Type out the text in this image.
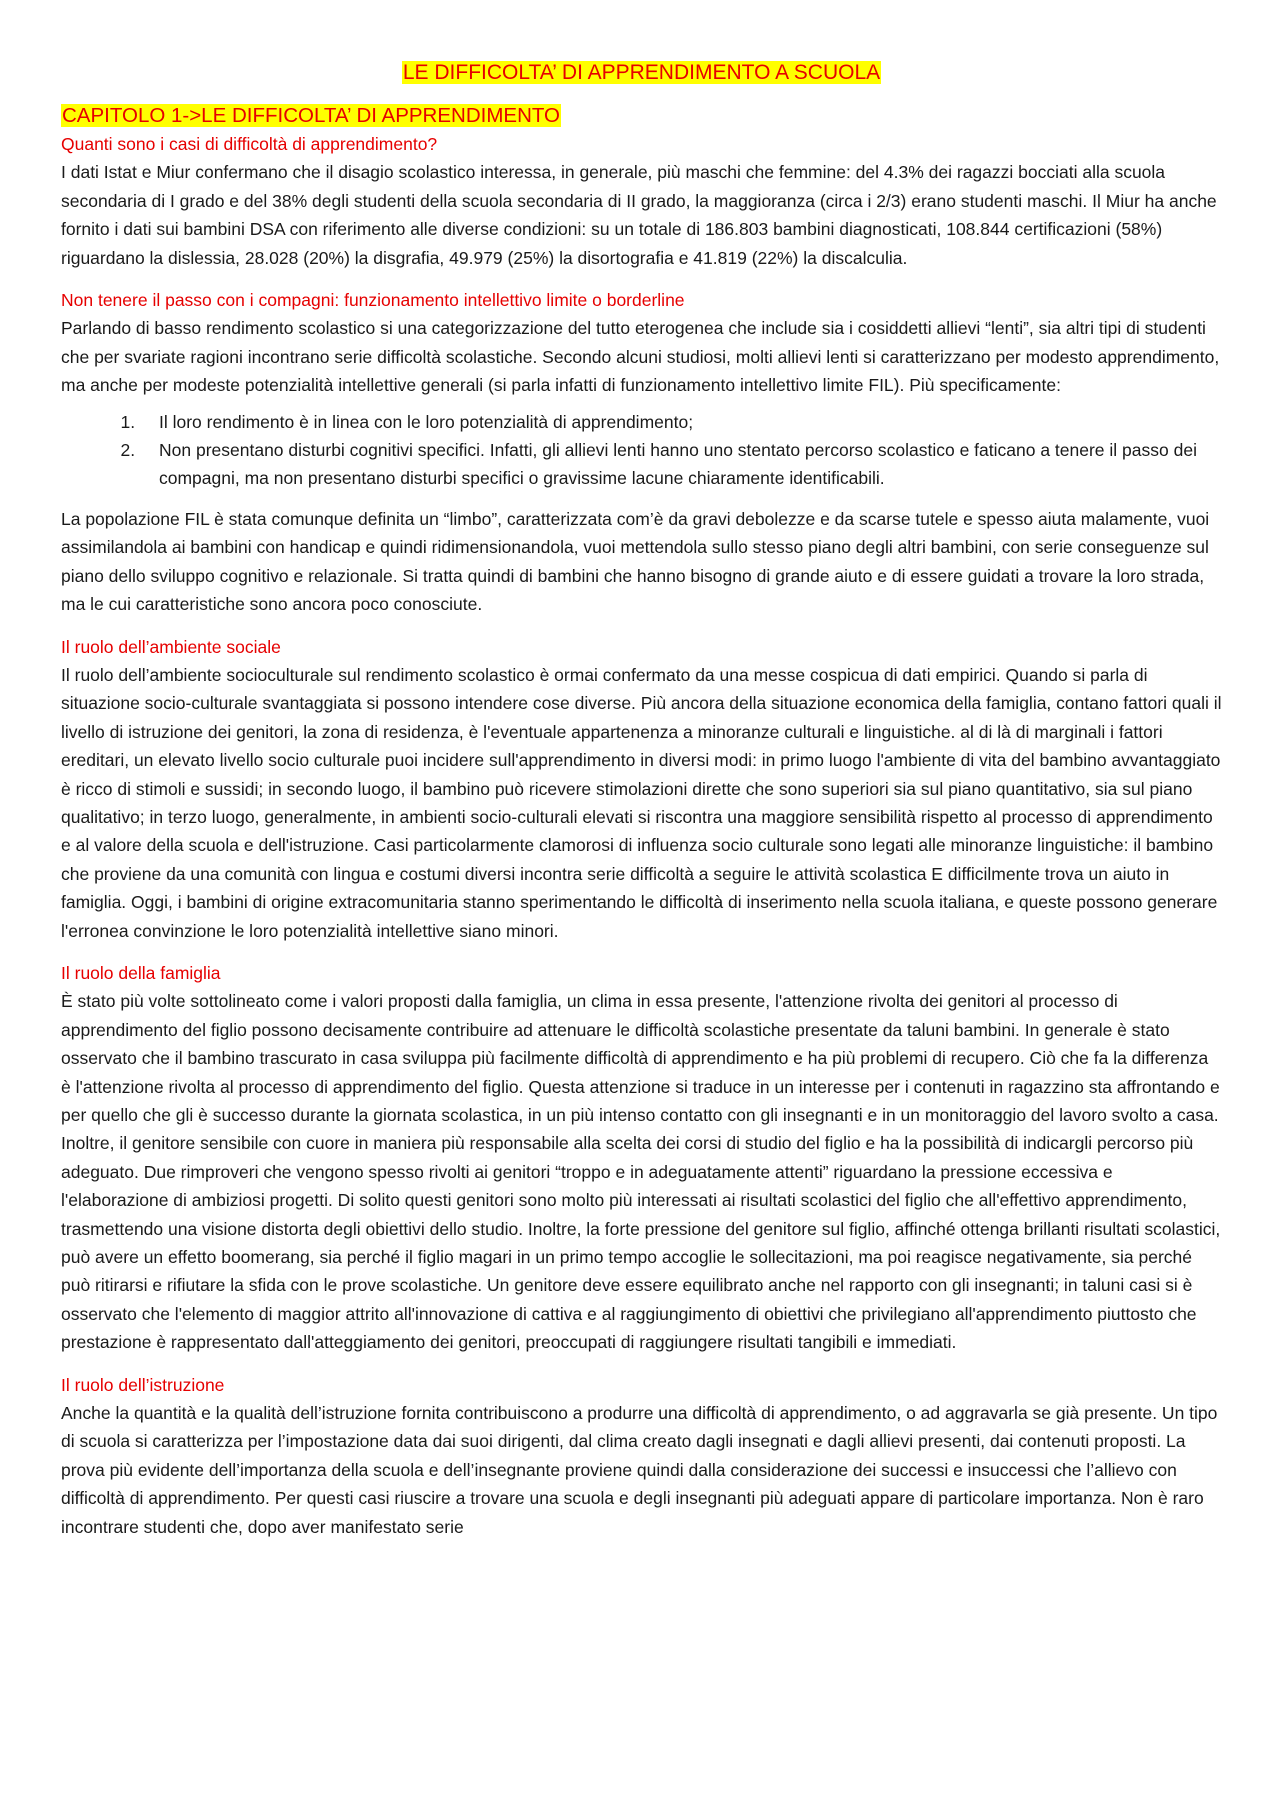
LE DIFFICOLTA’ DI APPRENDIMENTO A SCUOLA
CAPITOLO 1->LE DIFFICOLTA’ DI APPRENDIMENTO
Quanti sono i casi di difficoltà di apprendimento?

I dati Istat e Miur confermano che il disagio scolastico interessa, in generale, più maschi che femmine: del 4.3% dei ragazzi bocciati alla scuola secondaria di I grado e del 38% degli studenti della scuola secondaria di II grado, la maggioranza (circa i 2/3) erano studenti maschi. Il Miur ha anche fornito i dati sui bambini DSA con riferimento alle diverse condizioni: su un totale di 186.803 bambini diagnosticati, 108.844 certificazioni (58%) riguardano la dislessia, 28.028 (20%) la disgrafia, 49.979 (25%) la disortografia e 41.819 (22%) la discalculia.

Non tenere il passo con i compagni: funzionamento intellettivo limite o borderline

Parlando di basso rendimento scolastico si una categorizzazione del tutto eterogenea che include sia i cosiddetti allievi “lenti”, sia altri tipi di studenti che per svariate ragioni incontrano serie difficoltà scolastiche. Secondo alcuni studiosi, molti allievi lenti si caratterizzano per modesto apprendimento, ma anche per modeste potenzialità intellettive generali (si parla infatti di funzionamento intellettivo limite FIL). Più specificamente:

1. Il loro rendimento è in linea con le loro potenzialità di apprendimento;
2. Non presentano disturbi cognitivi specifici. Infatti, gli allievi lenti hanno uno stentato percorso scolastico e faticano a tenere il passo dei compagni, ma non presentano disturbi specifici o gravissime lacune chiaramente identificabili.

La popolazione FIL è stata comunque definita un “limbo”, caratterizzata com’è da gravi debolezze e da scarse tutele e spesso aiuta malamente, vuoi assimilandola ai bambini con handicap e quindi ridimensionandola, vuoi mettendola sullo stesso piano degli altri bambini, con serie conseguenze sul piano dello sviluppo cognitivo e relazionale. Si tratta quindi di bambini che hanno bisogno di grande aiuto e di essere guidati a trovare la loro strada, ma le cui caratteristiche sono ancora poco conosciute.

Il ruolo dell’ambiente sociale

Il ruolo dell’ambiente socioculturale sul rendimento scolastico è ormai confermato da una messe cospicua di dati empirici. Quando si parla di situazione socio-culturale svantaggiata si possono intendere cose diverse. Più ancora della situazione economica della famiglia, contano fattori quali il livello di istruzione dei genitori, la zona di residenza, è l'eventuale appartenenza a minoranze culturali e linguistiche. al di là di marginali i fattori ereditari, un elevato livello socio culturale puoi incidere sull'apprendimento in diversi modi: in primo luogo l'ambiente di vita del bambino avvantaggiato è ricco di stimoli e sussidi; in secondo luogo, il bambino può ricevere stimolazioni dirette che sono superiori sia sul piano quantitativo, sia sul piano qualitativo; in terzo luogo, generalmente, in ambienti socio-culturali elevati si riscontra una maggiore sensibilità rispetto al processo di apprendimento e al valore della scuola e dell'istruzione. Casi particolarmente clamorosi di influenza socio culturale sono legati alle minoranze linguistiche: il bambino che proviene da una comunità con lingua e costumi diversi incontra serie difficoltà a seguire le attività scolastica E difficilmente trova un aiuto in famiglia. Oggi, i bambini di origine extracomunitaria stanno sperimentando le difficoltà di inserimento nella scuola italiana, e queste possono generare l'erronea convinzione le loro potenzialità intellettive siano minori.

Il ruolo della famiglia

È stato più volte sottolineato come i valori proposti dalla famiglia, un clima in essa presente, l'attenzione rivolta dei genitori al processo di apprendimento del figlio possono decisamente contribuire ad attenuare le difficoltà scolastiche presentate da taluni bambini. In generale è stato osservato che il bambino trascurato in casa sviluppa più facilmente difficoltà di apprendimento e ha più problemi di recupero. Ciò che fa la differenza è l'attenzione rivolta al processo di apprendimento del figlio. Questa attenzione si traduce in un interesse per i contenuti in ragazzino sta affrontando e per quello che gli è successo durante la giornata scolastica, in un più intenso contatto con gli insegnanti e in un monitoraggio del lavoro svolto a casa. Inoltre, il genitore sensibile con cuore in maniera più responsabile alla scelta dei corsi di studio del figlio e ha la possibilità di indicargli percorso più adeguato. Due rimproveri che vengono spesso rivolti ai genitori “troppo e in adeguatamente attenti” riguardano la pressione eccessiva e l'elaborazione di ambiziosi progetti. Di solito questi genitori sono molto più interessati ai risultati scolastici del figlio che all'effettivo apprendimento, trasmettendo una visione distorta degli obiettivi dello studio. Inoltre, la forte pressione del genitore sul figlio, affinché ottenga brillanti risultati scolastici, può avere un effetto boomerang, sia perché il figlio magari in un primo tempo accoglie le sollecitazioni, ma poi reagisce negativamente, sia perché può ritirarsi e rifiutare la sfida con le prove scolastiche. Un genitore deve essere equilibrato anche nel rapporto con gli insegnanti; in taluni casi si è osservato che l'elemento di maggior attrito all'innovazione di cattiva e al raggiungimento di obiettivi che privilegiano all'apprendimento piuttosto che prestazione è rappresentato dall'atteggiamento dei genitori, preoccupati di raggiungere risultati tangibili e immediati.

Il ruolo dell’istruzione

Anche la quantità e la qualità dell’istruzione fornita contribuiscono a produrre una difficoltà di apprendimento, o ad aggravarla se già presente. Un tipo di scuola si caratterizza per l’impostazione data dai suoi dirigenti, dal clima creato dagli insegnati e dagli allievi presenti, dai contenuti proposti. La prova più evidente dell’importanza della scuola e dell’insegnante proviene quindi dalla considerazione dei successi e insuccessi che l’allievo con difficoltà di apprendimento. Per questi casi riuscire a trovare una scuola e degli insegnanti più adeguati appare di particolare importanza. Non è raro incontrare studenti che, dopo aver manifestato serie
